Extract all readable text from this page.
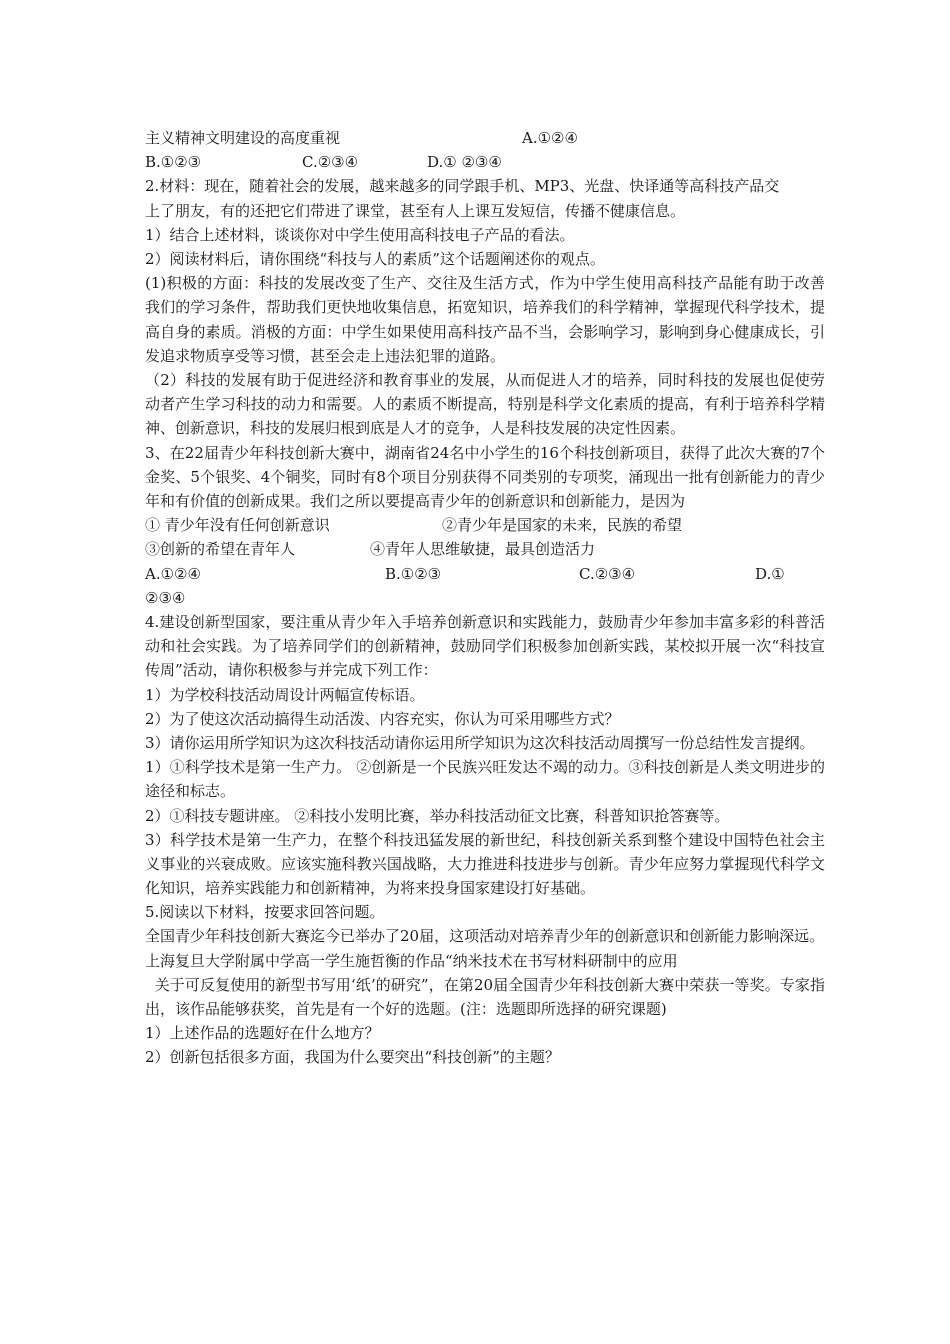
主义精神文明建设的高度重视	A.①②④
B.①②③	C.②③④	D.① ②③④
2.材料：现在，随着社会的发展，越来越多的同学跟手机、MP3、光盘、快译通等高科技产品交
上了朋友，有的还把它们带进了课堂，甚至有人上课互发短信，传播不健康信息。
1）结合上述材料，谈谈你对中学生使用高科技电子产品的看法。
2）阅读材料后，请你围绕“科技与人的素质”这个话题阐述你的观点。
(1)积极的方面：科技的发展改变了生产、交往及生活方式，作为中学生使用高科技产品能有助于改善我们的学习条件，帮助我们更快地收集信息，拓宽知识，培养我们的科学精神，掌握现代科学技术，提高自身的素质。消极的方面：中学生如果使用高科技产品不当，会影响学习，影响到身心健康成长，引发追求物质享受等习惯，甚至会走上违法犯罪的道路。
（2）科技的发展有助于促进经济和教育事业的发展，从而促进人才的培养，同时科技的发展也促使劳动者产生学习科技的动力和需要。人的素质不断提高，特别是科学文化素质的提高，有利于培养科学精神、创新意识，科技的发展归根到底是人才的竞争，人是科技发展的决定性因素。
3、在22届青少年科技创新大赛中，湖南省24名中小学生的16个科技创新项目，获得了此次大赛的7个金奖、5个银奖、4个铜奖，同时有8个项目分别获得不同类别的专项奖，涌现出一批有创新能力的青少年和有价值的创新成果。我们之所以要提高青少年的创新意识和创新能力，是因为
① 青少年没有任何创新意识	②青少年是国家的未来，民族的希望
③创新的希望在青年人	④青年人思维敏捷，最具创造活力
A.①②④	B.①②③	C.②③④	D.①
②③④
4.建设创新型国家，要注重从青少年入手培养创新意识和实践能力，鼓励青少年参加丰富多彩的科普活动和社会实践。为了培养同学们的创新精神，鼓励同学们积极参加创新实践，某校拟开展一次“科技宣传周”活动，请你积极参与并完成下列工作：
1）为学校科技活动周设计两幅宣传标语。
2）为了使这次活动搞得生动活泼、内容充实，你认为可采用哪些方式？
3）请你运用所学知识为这次科技活动请你运用所学知识为这次科技活动周撰写一份总结性发言提纲。
1）①科学技术是第一生产力。 ②创新是一个民族兴旺发达不竭的动力。③科技创新是人类文明进步的途径和标志。
2）①科技专题讲座。 ②科技小发明比赛，举办科技活动征文比赛，科普知识抢答赛等。
3）科学技术是第一生产力，在整个科技迅猛发展的新世纪，科技创新关系到整个建设中国特色社会主义事业的兴衰成败。应该实施科教兴国战略，大力推进科技进步与创新。青少年应努力掌握现代科学文化知识，培养实践能力和创新精神，为将来投身国家建设打好基础。
5.阅读以下材料，按要求回答问题。
全国青少年科技创新大赛迄今已举办了20届，这项活动对培养青少年的创新意识和创新能力影响深远。
上海复旦大学附属中学高一学生施哲衡的作品“纳米技术在书写材料研制中的应用
关于可反复使用的新型书写用‘纸’的研究”，在第20届全国青少年科技创新大赛中荣获一等奖。专家指出，该作品能够获奖，首先是有一个好的选题。(注：选题即所选择的研究课题)
1）上述作品的选题好在什么地方？
2）创新包括很多方面，我国为什么要突出“科技创新”的主题？
